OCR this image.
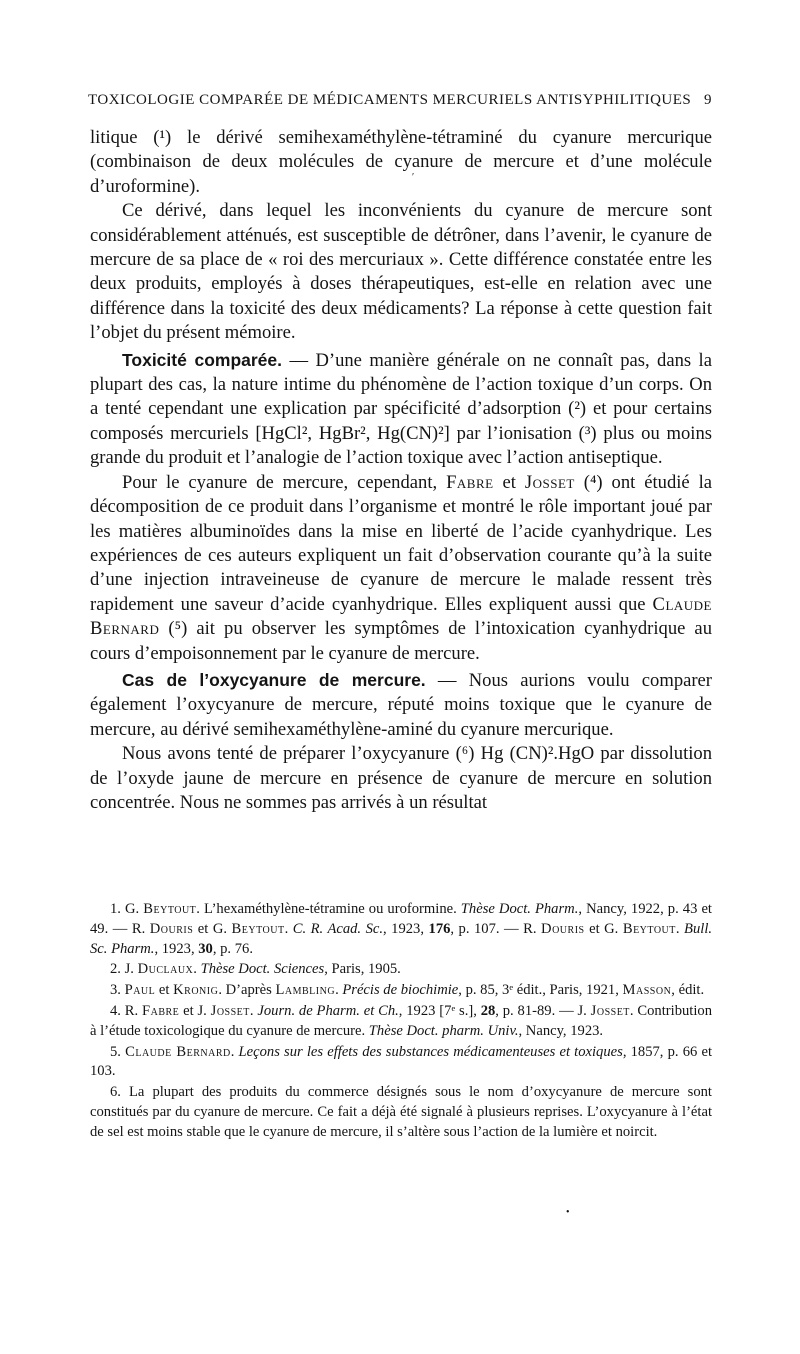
TOXICOLOGIE COMPARÉE DE MÉDICAMENTS MERCURIELS ANTISYPHILITIQUES 9

litique (¹) le dérivé semihexaméthylène-tétraminé du cyanure mercurique (combinaison de deux molécules de cyanure de mercure et d’une molécule d’uroformine).

Ce dérivé, dans lequel les inconvénients du cyanure de mercure sont considérablement atténués, est susceptible de détrôner, dans l’avenir, le cyanure de mercure de sa place de « roi des mercuriaux ». Cette différence constatée entre les deux produits, employés à doses thérapeutiques, est-elle en relation avec une différence dans la toxicité des deux médicaments? La réponse à cette question fait l’objet du présent mémoire.

Toxicité comparée. — D’une manière générale on ne connaît pas, dans la plupart des cas, la nature intime du phénomène de l’action toxique d’un corps. On a tenté cependant une explication par spécificité d’adsorption (²) et pour certains composés mercuriels [HgCl², HgBr², Hg(CN)²] par l’ionisation (³) plus ou moins grande du produit et l’analogie de l’action toxique avec l’action antiseptique.

Pour le cyanure de mercure, cependant, Fabre et Josset (⁴) ont étudié la décomposition de ce produit dans l’organisme et montré le rôle important joué par les matières albuminoïdes dans la mise en liberté de l’acide cyanhydrique. Les expériences de ces auteurs expliquent un fait d’observation courante qu’à la suite d’une injection intraveineuse de cyanure de mercure le malade ressent très rapidement une saveur d’acide cyanhydrique. Elles expliquent aussi que Claude Bernard (⁵) ait pu observer les symptômes de l’intoxication cyanhydrique au cours d’empoisonnement par le cyanure de mercure.

Cas de l’oxycyanure de mercure. — Nous aurions voulu comparer également l’oxycyanure de mercure, réputé moins toxique que le cyanure de mercure, au dérivé semihexaméthylène-aminé du cyanure mercurique.

Nous avons tenté de préparer l’oxycyanure (⁶) Hg (CN)².HgO par dissolution de l’oxyde jaune de mercure en présence de cyanure de mercure en solution concentrée. Nous ne sommes pas arrivés à un résultat

1. G. Beytout. L’hexaméthylène-tétramine ou uroformine. Thèse Doct. Pharm., Nancy, 1922, p. 43 et 49. — R. Douris et G. Beytout. C. R. Acad. Sc., 1923, 176, p. 107. — R. Douris et G. Beytout. Bull. Sc. Pharm., 1923, 30, p. 76.

2. J. Duclaux. Thèse Doct. Sciences, Paris, 1905.

3. Paul et Kronig. D’après Lambling. Précis de biochimie, p. 85, 3ᵉ édit., Paris, 1921, Masson, édit.

4. R. Fabre et J. Josset. Journ. de Pharm. et Ch., 1923 [7ᵉ s.], 28, p. 81-89. — J. Josset. Contribution à l’étude toxicologique du cyanure de mercure. Thèse Doct. pharm. Univ., Nancy, 1923.

5. Claude Bernard. Leçons sur les effets des substances médicamenteuses et toxiques, 1857, p. 66 et 103.

6. La plupart des produits du commerce désignés sous le nom d’oxycyanure de mercure sont constitués par du cyanure de mercure. Ce fait a déjà été signalé à plusieurs reprises. L’oxycyanure à l’état de sel est moins stable que le cyanure de mercure, il s’altère sous l’action de la lumière et noircit.

ʹ
•
